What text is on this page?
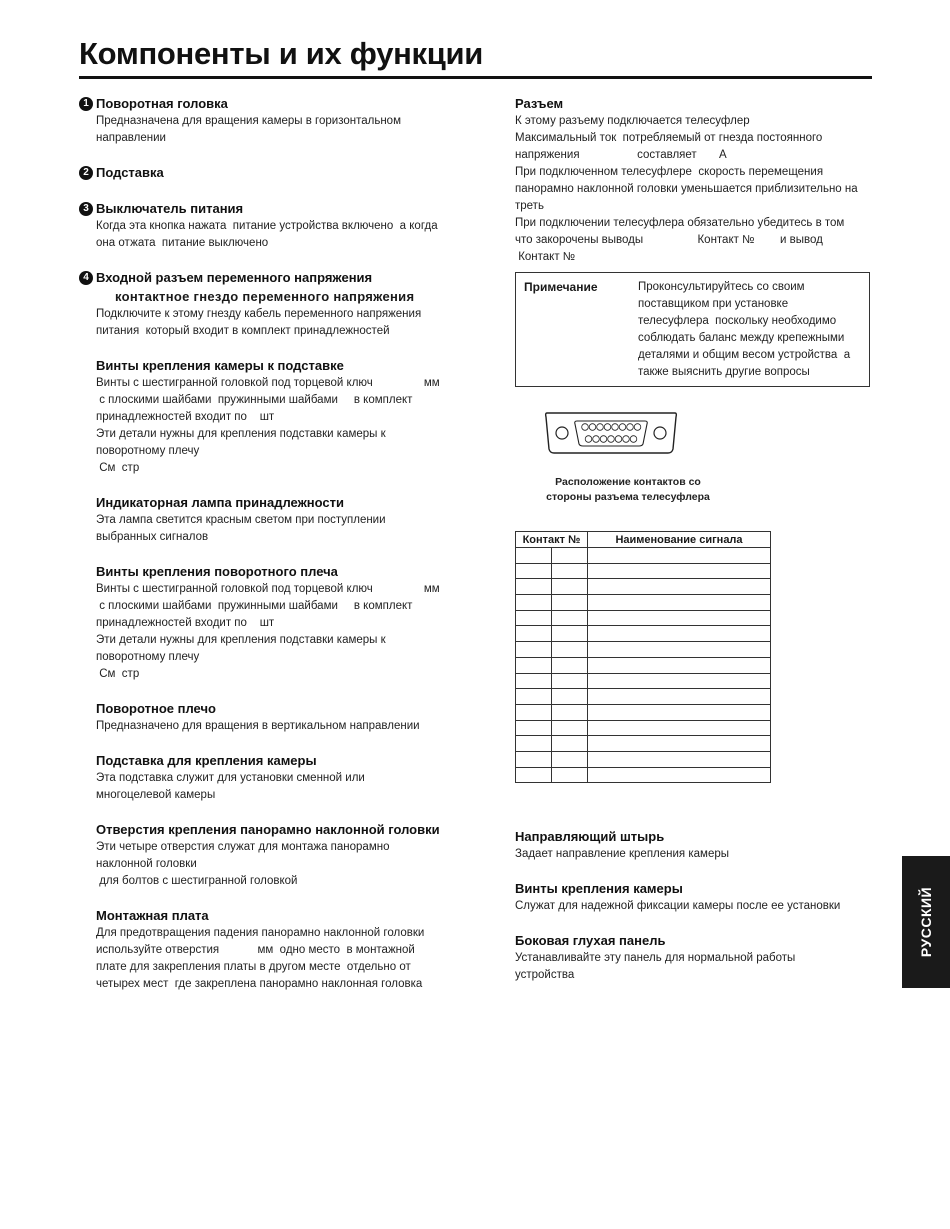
Компоненты и их функции
1 Поворотная головка
Предназначена для вращения камеры в горизонтальном
направлении
2 Подставка
3 Выключатель питания
Когда эта кнопка нажата  питание устройства включено  а когда
она отжата  питание выключено
4 Входной разъем переменного напряжения
контактное гнездо переменного напряжения
Подключите к этому гнезду кабель переменного напряжения
питания  который входит в комплект принадлежностей
Винты крепления камеры к подставке
Винты с шестигранной головкой под торцевой ключ                мм
с плоскими шайбами  пружинными шайбами     в комплект
принадлежностей входит по    шт
Эти детали нужны для крепления подставки камеры к
поворотному плечу
См  стр
Индикаторная лампа принадлежности
Эта лампа светится красным светом при поступлении
выбранных сигналов
Винты крепления поворотного плеча
Винты с шестигранной головкой под торцевой ключ                мм
с плоскими шайбами  пружинными шайбами     в комплект
принадлежностей входит по    шт
Эти детали нужны для крепления подставки камеры к
поворотному плечу
См  стр
Поворотное плечо
Предназначено для вращения в вертикальном направлении
Подставка для крепления камеры
Эта подставка служит для установки сменной или
многоцелевой камеры
Отверстия крепления панорамно наклонной головки
Эти четыре отверстия служат для монтажа панорамно
наклонной головки
для болтов с шестигранной головкой
Монтажная плата
Для предотвращения падения панорамно наклонной головки
используйте отверстия            мм  одно место  в монтажной
плате для закрепления платы в другом месте  отдельно от
четырех мест  где закреплена панорамно наклонная головка
Разъем
К этому разъему подключается телесуфлер
Максимальный ток  потребляемый от гнезда постоянного
напряжения                  составляет       А
При подключенном телесуфлере  скорость перемещения
панорамно наклонной головки уменьшается приблизительно на
треть
При подключении телесуфлера обязательно убедитесь в том
что закорочены выводы                 Контакт №        и вывод
Контакт №
Примечание	Проконсультируйтесь со своим
поставщиком при установке
телесуфлера  поскольку необходимо
соблюдать баланс между крепежными
деталями и общим весом устройства  а
также выяснить другие вопросы
Расположение контактов со
стороны разъема телесуфлера
Контакт №		Наименование сигнала

Направляющий штырь
Задает направление крепления камеры
Винты крепления камеры
Служат для надежной фиксации камеры после ее установки
Боковая глухая панель
Устанавливайте эту панель для нормальной работы
устройства
РУССКИЙ
